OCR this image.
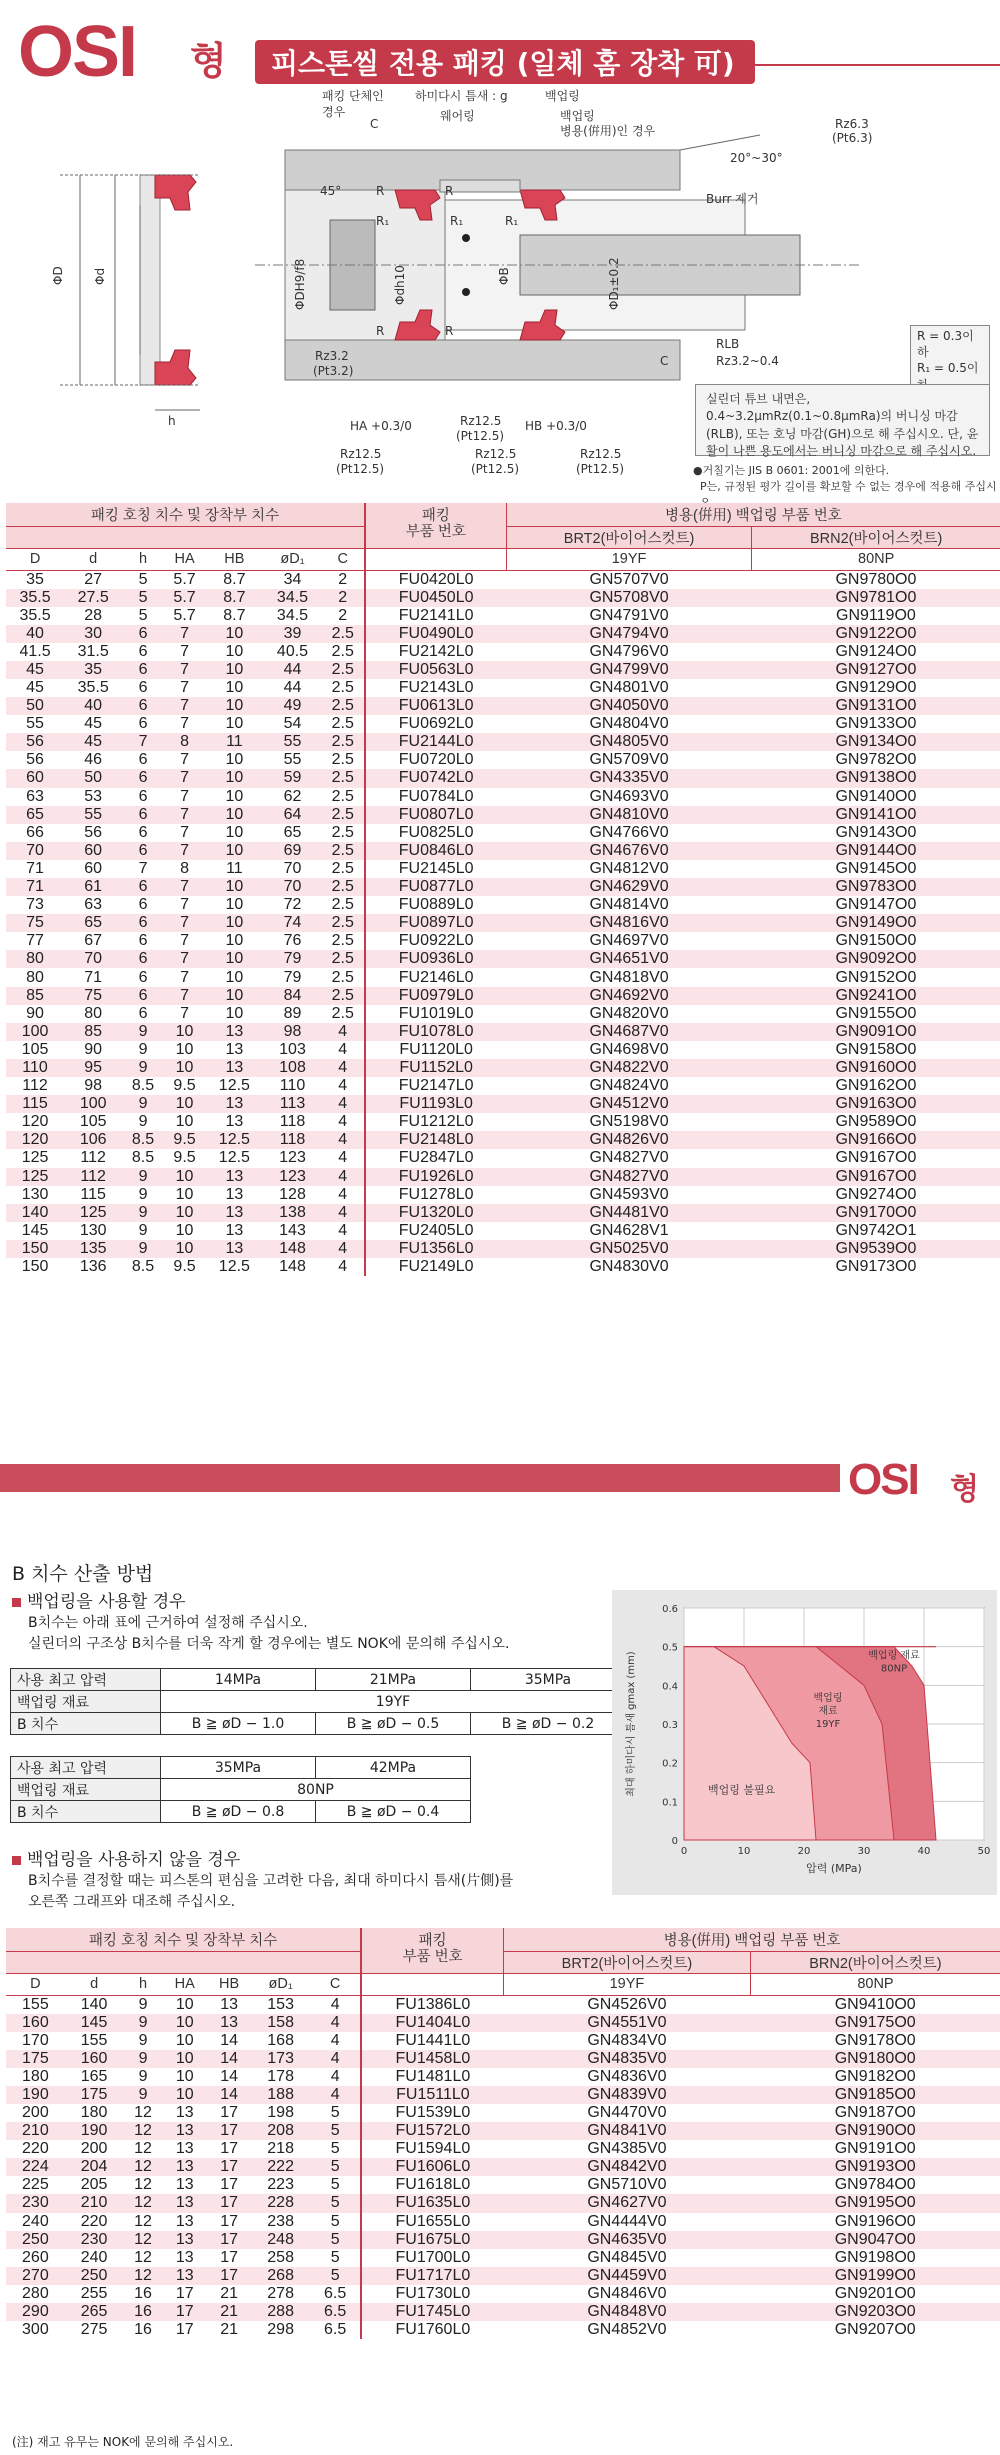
OSI 형	피스톤씰 전용 패킹 (일체 홈 장착 可)
ΦD Φd
h
패킹 단체인
경우
C
하미다시 틈새 : g
웨어링
백업링
백업링
병용(倂用)인 경우
45°
20°~30°
R	R
R	R
R₁	R₁	R₁
ΦDH9/f8	Φdh10	ΦB	ΦD₁±0.2
Rz6.3
(Pt6.3)
Burr 제거
Rz3.2
(Pt3.2)
RLB
Rz3.2~0.4
C
HA +0.3/0	HB +0.3/0
Rz12.5
(Pt12.5)
Rz12.5
(Pt12.5)
Rz12.5
(Pt12.5)
Rz12.5
(Pt12.5)
R = 0.3이하
R₁ = 0.5이
실린더 튜브 내면은, 0.4~3.2μmRz(0.1~0.8μmRa)의 버니싱 마감(RLB), 또는 호닝 마감(GH)으로 해 주십시오. 단, 윤활이 나쁜 용도에서는 버니싱 마감으로 해 주십시오.
●거칠기는 JIS B 0601: 2001에 의한다.
P는, 규정된 평가 길이를 확보할 수 없는 경우에 적용해 주십시
패킹 호칭 치수 및 장착부 치수							패킹
부품 번호	병용(倂用) 백업링 부품 번호	
								BRT2(바이어스컷트)	BRN2(바이어스컷트)
D	d	h	HA	HB	øD₁	C		19YF	80NP
35	27	5	5.7	8.7	34	2	FU0420L0	GN5707V0	GN9780O0
35.5	27.5	5	5.7	8.7	34.5	2	FU0450L0	GN5708V0	GN9781O0
35.5	28	5	5.7	8.7	34.5	2	FU2141L0	GN4791V0	GN9119O0
40	30	6	7	10	39	2.5	FU0490L0	GN4794V0	GN9122O0
41.5	31.5	6	7	10	40.5	2.5	FU2142L0	GN4796V0	GN9124O0
45	35	6	7	10	44	2.5	FU0563L0	GN4799V0	GN9127O0
45	35.5	6	7	10	44	2.5	FU2143L0	GN4801V0	GN9129O0
50	40	6	7	10	49	2.5	FU0613L0	GN4050V0	GN9131O0
55	45	6	7	10	54	2.5	FU0692L0	GN4804V0	GN9133O0
56	45	7	8	11	55	2.5	FU2144L0	GN4805V0	GN9134O0
56	46	6	7	10	55	2.5	FU0720L0	GN5709V0	GN9782O0
60	50	6	7	10	59	2.5	FU0742L0	GN4335V0	GN9138O0
63	53	6	7	10	62	2.5	FU0784L0	GN4693V0	GN9140O0
65	55	6	7	10	64	2.5	FU0807L0	GN4810V0	GN9141O0
66	56	6	7	10	65	2.5	FU0825L0	GN4766V0	GN9143O0
70	60	6	7	10	69	2.5	FU0846L0	GN4676V0	GN9144O0
71	60	7	8	11	70	2.5	FU2145L0	GN4812V0	GN9145O0
71	61	6	7	10	70	2.5	FU0877L0	GN4629V0	GN9783O0
73	63	6	7	10	72	2.5	FU0889L0	GN4814V0	GN9147O0
75	65	6	7	10	74	2.5	FU0897L0	GN4816V0	GN9149O0
77	67	6	7	10	76	2.5	FU0922L0	GN4697V0	GN9150O0
80	70	6	7	10	79	2.5	FU0936L0	GN4651V0	GN9092O0
80	71	6	7	10	79	2.5	FU2146L0	GN4818V0	GN9152O0
85	75	6	7	10	84	2.5	FU0979L0	GN4692V0	GN9241O0
90	80	6	7	10	89	2.5	FU1019L0	GN4820V0	GN9155O0
100	85	9	10	13	98	4	FU1078L0	GN4687V0	GN9091O0
105	90	9	10	13	103	4	FU1120L0	GN4698V0	GN9158O0
110	95	9	10	13	108	4	FU1152L0	GN4822V0	GN9160O0
112	98	8.5	9.5	12.5	110	4	FU2147L0	GN4824V0	GN9162O0
115	100	9	10	13	113	4	FU1193L0	GN4512V0	GN9163O0
120	105	9	10	13	118	4	FU1212L0	GN5198V0	GN9589O0
120	106	8.5	9.5	12.5	118	4	FU2148L0	GN4826V0	GN9166O0
125	112	8.5	9.5	12.5	123	4	FU2847L0	GN4827V0	GN9167O0
125	112	9	10	13	123	4	FU1926L0	GN4827V0	GN9167O0
130	115	9	10	13	128	4	FU1278L0	GN4593V0	GN9274O0
140	125	9	10	13	138	4	FU1320L0	GN4481V0	GN9170O0
145	130	9	10	13	143	4	FU2405L0	GN4628V1	GN9742O1
150	135	9	10	13	148	4	FU1356L0	GN5025V0	GN9539O0
150	136	8.5	9.5	12.5	148	4	FU2149L0	GN4830V0	GN9173O0
OSI 형
B 치수 산출 방법
백업링을 사용할 경우
B치수는 아래 표에 근거하여 설정해 주십시오.
실린더의 구조상 B치수를 더욱 작게 할 경우에는 별도 NOK에 문의해 주십시오.
사용 최고 압력	14MPa	21MPa	35MPa
백업링 재료	19YF		
B 치수	B ≧ øD − 1.0	B ≧ øD − 0.5	B ≧ øD − 0.2
사용 최고 압력	35MPa	42MPa
백업링 재료	80NP	
B 치수	B ≧ øD − 0.8	B ≧ øD − 0.4
백업링을 사용하지 않을 경우
B치수를 결정할 때는 피스톤의 편심을 고려한 다음, 최대 하미다시 틈새(片側)를
오른쪽 그래프와 대조해 주십시오.
0
0.1
0.2
0.3
0.4
0.5
0.6
0	10	20	30	40	50
백업링 불필요
백업링
재료
19YF
백업링 재료
80NP
압력 (MPa)
최대 하미다시 틈새 gmax (mm)
패킹 호칭 치수 및 장착부 치수							패킹
부품 번호	병용(倂用) 백업링 부품 번호	
								BRT2(바이어스컷트)	BRN2(바이어스컷트)
D	d	h	HA	HB	øD₁	C		19YF	80NP
155	140	9	10	13	153	4	FU1386L0	GN4526V0	GN9410O0
160	145	9	10	13	158	4	FU1404L0	GN4551V0	GN9175O0
170	155	9	10	14	168	4	FU1441L0	GN4834V0	GN9178O0
175	160	9	10	14	173	4	FU1458L0	GN4835V0	GN9180O0
180	165	9	10	14	178	4	FU1481L0	GN4836V0	GN9182O0
190	175	9	10	14	188	4	FU1511L0	GN4839V0	GN9185O0
200	180	12	13	17	198	5	FU1539L0	GN4470V0	GN9187O0
210	190	12	13	17	208	5	FU1572L0	GN4841V0	GN9190O0
220	200	12	13	17	218	5	FU1594L0	GN4385V0	GN9191O0
224	204	12	13	17	222	5	FU1606L0	GN4842V0	GN9193O0
225	205	12	13	17	223	5	FU1618L0	GN5710V0	GN9784O0
230	210	12	13	17	228	5	FU1635L0	GN4627V0	GN9195O0
240	220	12	13	17	238	5	FU1655L0	GN4444V0	GN9196O0
250	230	12	13	17	248	5	FU1675L0	GN4635V0	GN9047O0
260	240	12	13	17	258	5	FU1700L0	GN4845V0	GN9198O0
270	250	12	13	17	268	5	FU1717L0	GN4459V0	GN9199O0
280	255	16	17	21	278	6.5	FU1730L0	GN4846V0	GN9201O0
290	265	16	17	21	288	6.5	FU1745L0	GN4848V0	GN9203O0
300	275	16	17	21	298	6.5	FU1760L0	GN4852V0	GN9207O0
(注) 재고 유무는 NOK에 문의해 주십시오.
